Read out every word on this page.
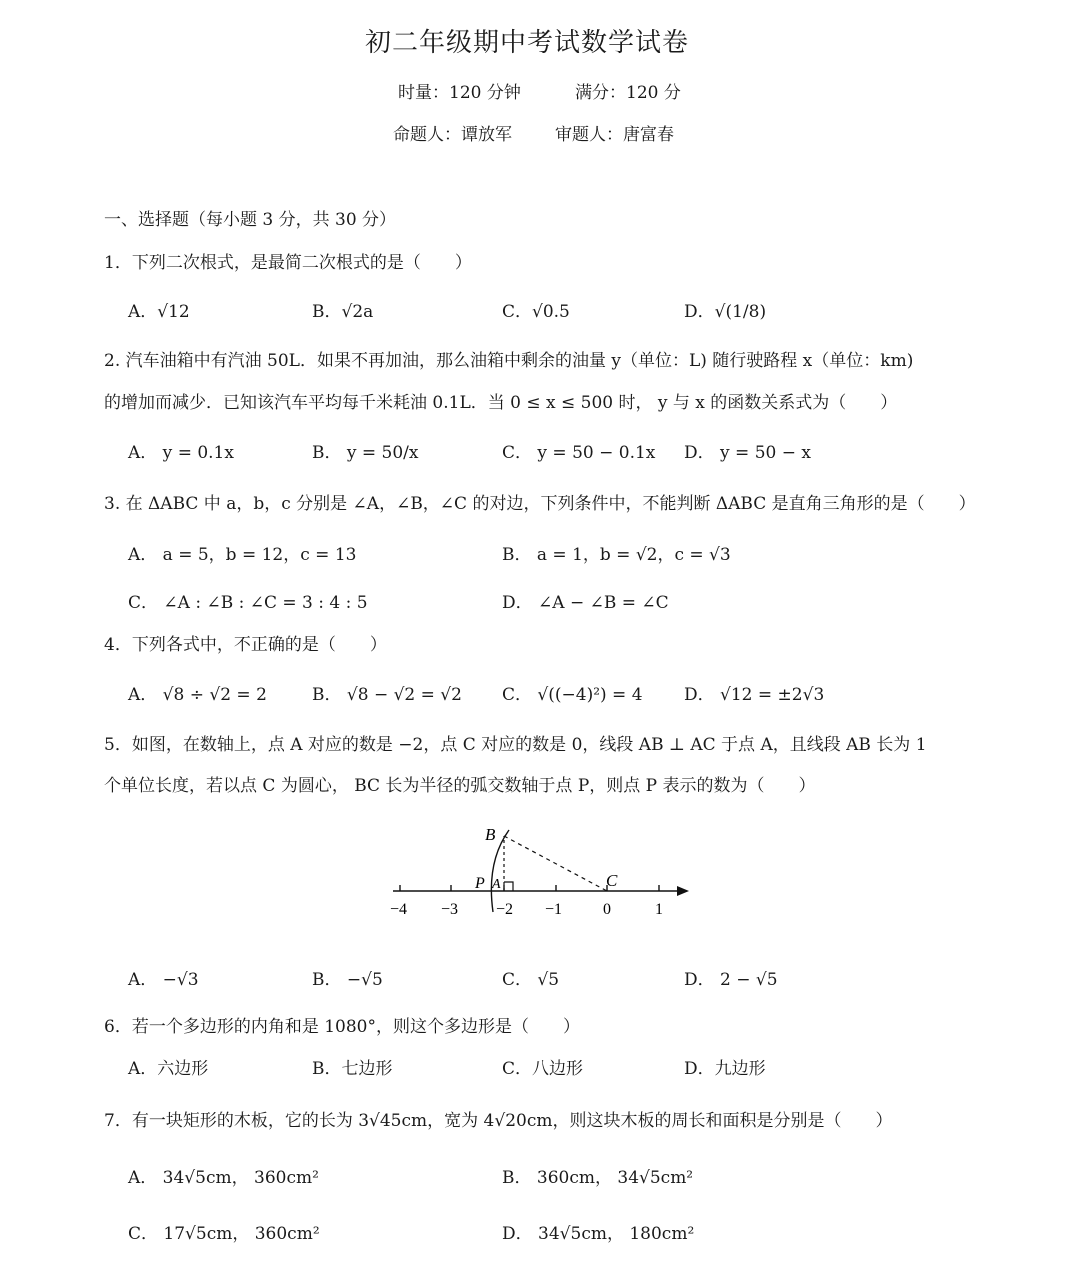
初二年级期中考试数学试卷
时量：120 分钟	满分：120 分
命题人：谭放军	审题人：唐富春
一、选择题（每小题 3 分，共 30 分）
1．下列二次根式，是最简二次根式的是（　　）
A．√12	B．√2a	C．√0.5	D．√(1/8)
2. 汽车油箱中有汽油 50L．如果不再加油，那么油箱中剩余的油量 y（单位：L) 随行驶路程 x（单位：km)
的增加而减少．已知该汽车平均每千米耗油 0.1L．当 0 ≤ x ≤ 500 时， y 与 x 的函数关系式为（　　）
A． y = 0.1x	B． y = 50/x	C． y = 50 − 0.1x D． y = 50 − x
3. 在 ΔABC 中 a，b，c 分别是 ∠A，∠B，∠C 的对边，下列条件中，不能判断 ΔABC 是直角三角形的是（　　）
A． a = 5，b = 12，c = 13	B． a = 1，b = √2，c = √3
C． ∠A : ∠B : ∠C = 3 : 4 : 5	D． ∠A − ∠B = ∠C
4．下列各式中，不正确的是（　　）
A． √8 ÷ √2 = 2	B． √8 − √2 = √2 C． √((−4)²) = 4 D． √12 = ±2√3
5．如图，在数轴上，点 A 对应的数是 −2，点 C 对应的数是 0，线段 AB ⊥ AC 于点 A，且线段 AB 长为 1
个单位长度，若以点 C 为圆心， BC 长为半径的弧交数轴于点 P，则点 P 表示的数为（　　）
B
P A	C
−4 −3 −2 −1	0	1
A． −√3	B． −√5	C． √5	D． 2 − √5
6．若一个多边形的内角和是 1080°，则这个多边形是（　　）
A．六边形	B．七边形	C．八边形	D．九边形
7．有一块矩形的木板，它的长为 3√45cm，宽为 4√20cm，则这块木板的周长和面积是分别是（　　）
A． 34√5cm， 360cm²	B． 360cm， 34√5cm²
C． 17√5cm， 360cm²	D． 34√5cm， 180cm²
